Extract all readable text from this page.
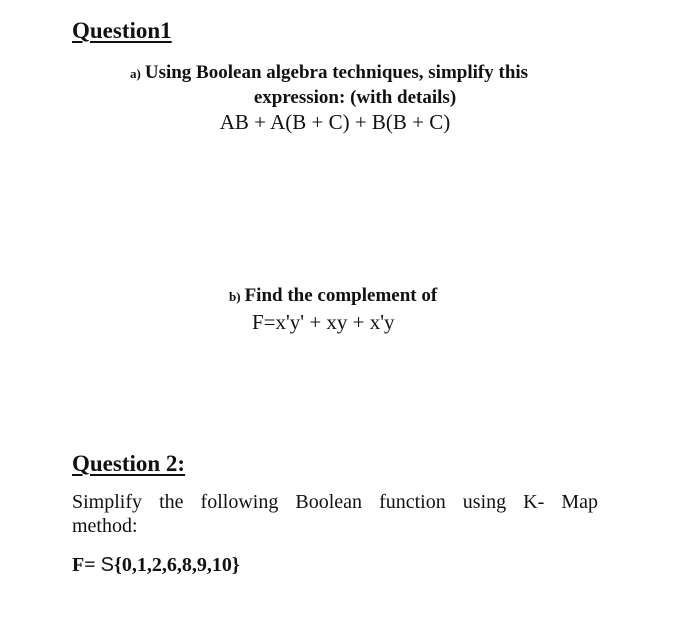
Question1
a) Using Boolean algebra techniques, simplify this
expression: (with details)
AB + A(B + C) + B(B + C)
b) Find the complement of
F=x'y' + xy + x'y
Question 2:
Simplify the following Boolean function using K- Map
method:
F= S{0,1,2,6,8,9,10}
